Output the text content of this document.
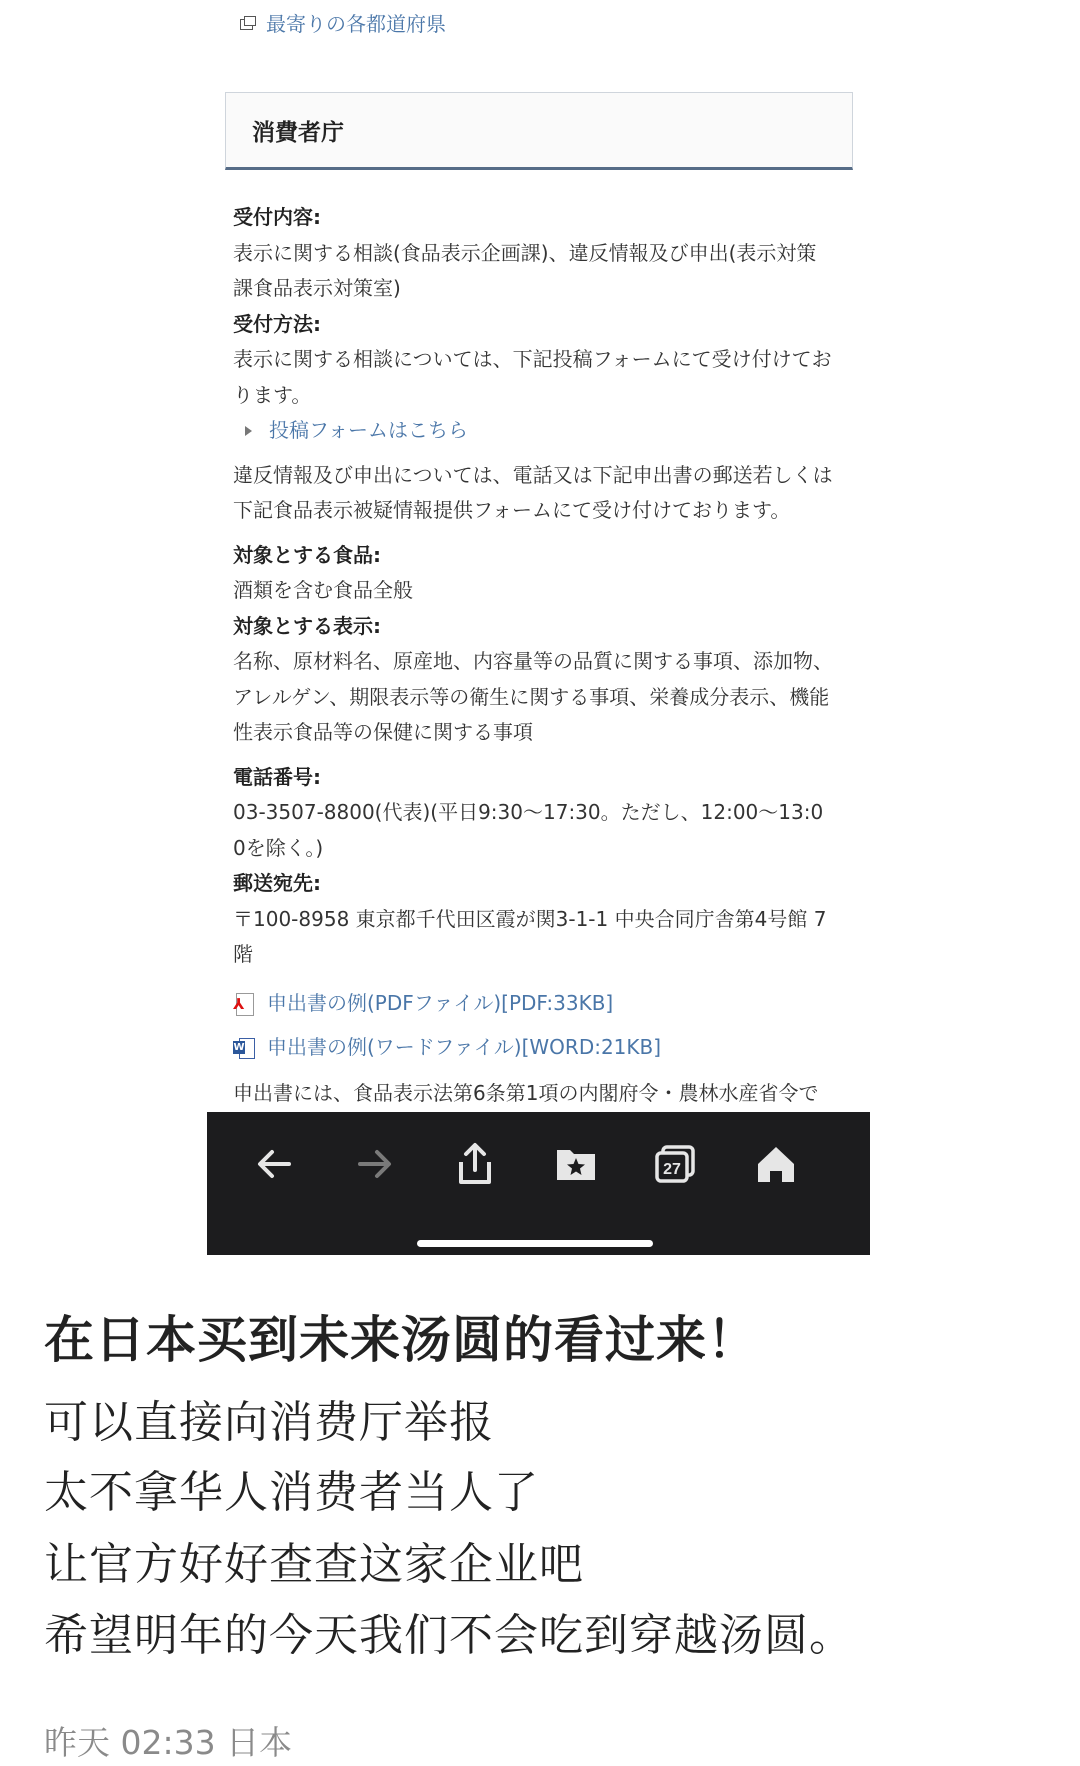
最寄りの各都道府県
消費者庁
受付内容:
表示に関する相談(食品表示企画課)、違反情報及び申出(表示対策
課食品表示対策室)
受付方法:
表示に関する相談については、下記投稿フォームにて受け付けてお
ります。
投稿フォームはこちら
違反情報及び申出については、電話又は下記申出書の郵送若しくは
下記食品表示被疑情報提供フォームにて受け付けております。
対象とする食品:
酒類を含む食品全般
対象とする表示:
名称、原材料名、原産地、内容量等の品質に関する事項、添加物、
アレルゲン、期限表示等の衛生に関する事項、栄養成分表示、機能
性表示食品等の保健に関する事項
電話番号:
03-3507-8800(代表)(平日9:30～17:30。ただし、12:00～13:0
0を除く。)
郵送宛先:
〒100-8958 東京都千代田区霞が関3-1-1 中央合同庁舎第4号館 7
階
⅄ 申出書の例(PDFファイル)[PDF:33KB]
W 申出書の例(ワードファイル)[WORD:21KB]
申出書には、食品表示法第6条第1項の内閣府令・農林水産省令で
27
在日本买到未来汤圆的看过来！
可以直接向消费厅举报
太不拿华人消费者当人了
让官方好好查查这家企业吧
希望明年的今天我们不会吃到穿越汤圆。
昨天 02:33 日本
